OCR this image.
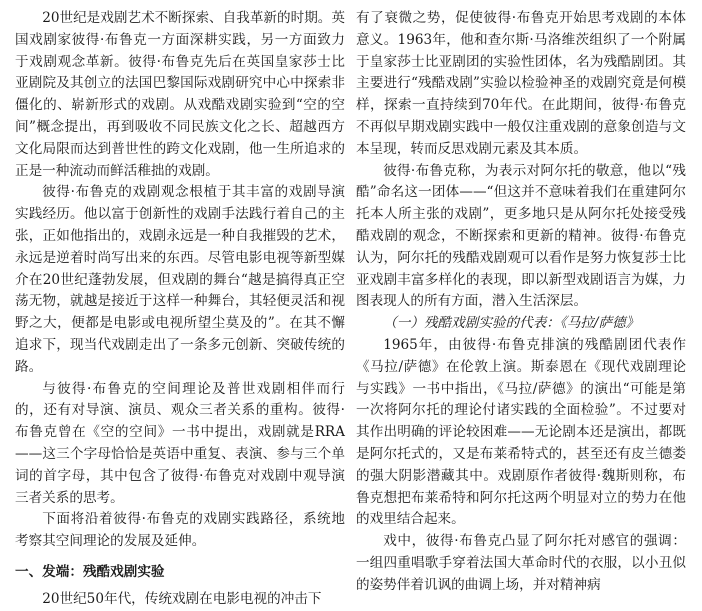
20世纪是戏剧艺术不断探索、自我革新的时期。英国戏剧家彼得·布鲁克一方面深耕实践，另一方面致力于戏剧观念革新。彼得·布鲁克先后在英国皇家莎士比亚剧院及其创立的法国巴黎国际戏剧研究中心中探索非僵化的、崭新形式的戏剧。从戏酷戏剧实验到“空的空间”概念提出，再到吸收不同民族文化之长、超越西方文化局限而达到普世性的跨文化戏剧，他一生所追求的正是一种流动而鲜活稚拙的戏剧。

彼得·布鲁克的戏剧观念根植于其丰富的戏剧导演实践经历。他以富于创新性的戏剧手法践行着自己的主张，正如他指出的，戏剧永远是一种自我摧毁的艺术，永远是逆着时尚写出来的东西。尽管电影电视等新型媒介在20世纪蓬勃发展，但戏剧的舞台“越是搞得真正空荡无物，就越是接近于这样一种舞台，其轻便灵活和视野之大，便都是电影或电视所望尘莫及的”。在其不懈追求下，现当代戏剧走出了一条多元创新、突破传统的路。

与彼得·布鲁克的空间理论及普世戏剧相伴而行的，还有对导演、演员、观众三者关系的重构。彼得·布鲁克曾在《空的空间》一书中提出，戏剧就是RRA——这三个字母恰恰是英语中重复、表演、参与三个单词的首字母，其中包含了彼得·布鲁克对戏剧中观导演三者关系的思考。

下面将沿着彼得·布鲁克的戏剧实践路径，系统地考察其空间理论的发展及延伸。

一、发端：残酷戏剧实验

20世纪50年代，传统戏剧在电影电视的冲击下

有了衰微之势，促使彼得·布鲁克开始思考戏剧的本体意义。1963年，他和查尔斯·马洛维茨组织了一个附属于皇家莎士比亚剧团的实验性团体，名为残酷剧团。其主要进行“残酷戏剧”实验以检验神圣的戏剧究竟是何模样，探索一直持续到70年代。在此期间，彼得·布鲁克不再似早期戏剧实践中一般仅注重戏剧的意象创造与文本呈现，转而反思戏剧元素及其本质。

彼得·布鲁克称，为表示对阿尔托的敬意，他以“残酷”命名这一团体——“但这并不意味着我们在重建阿尔托本人所主张的戏剧”，更多地只是从阿尔托处接受残酷戏剧的观念，不断探索和更新的精神。彼得·布鲁克认为，阿尔托的残酷戏剧观可以看作是努力恢复莎士比亚戏剧丰富多样化的表现，即以新型戏剧语言为媒，力图表现人的所有方面，潜入生活深层。

（一）残酷戏剧实验的代表：《马拉/萨德》

1965年，由彼得·布鲁克排演的残酷剧团代表作《马拉/萨德》在伦敦上演。斯泰恩在《现代戏剧理论与实践》一书中指出，《马拉/萨德》的演出“可能是第一次将阿尔托的理论付诸实践的全面检验”。不过要对其作出明确的评论较困难——无论剧本还是演出，都既是阿尔托式的，又是布莱希特式的，甚至还有皮兰德娄的强大阴影潜藏其中。戏剧原作者彼得·魏斯则称，布鲁克想把布莱希特和阿尔托这两个明显对立的势力在他的戏里结合起来。

戏中，彼得·布鲁克凸显了阿尔托对感官的强调：一组四重唱歌手穿着法国大革命时代的衣服，以小丑似的姿势伴着讥讽的曲调上场，并对精神病
